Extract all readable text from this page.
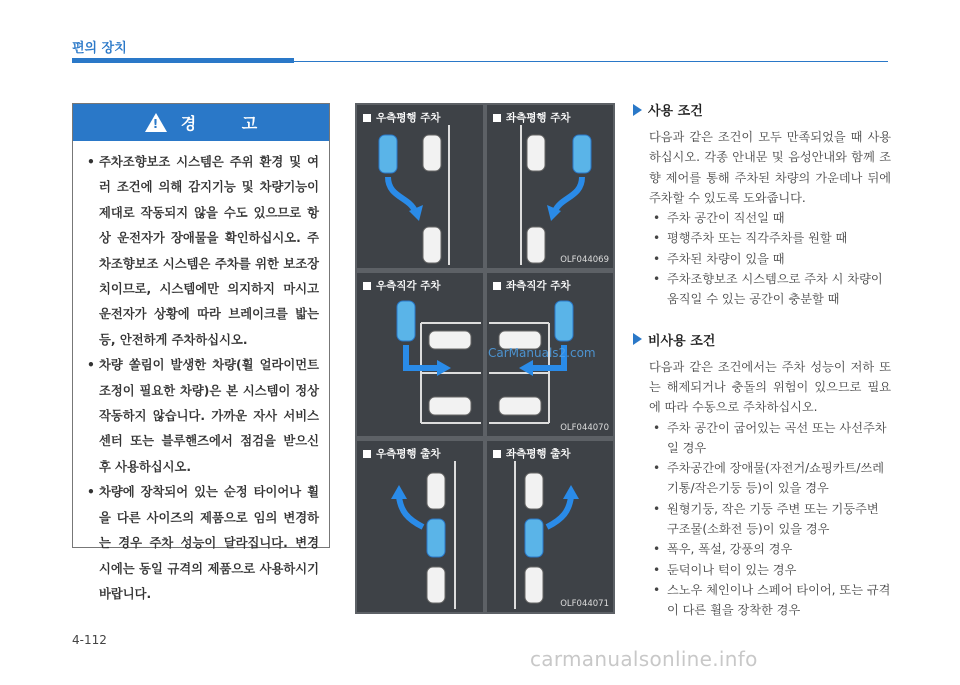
편의 장치
! 경 고
• 주차조향보조 시스템은 주위 환경 및 여러 조건에 의해 감지기능 및 차량기능이 제대로 작동되지 않을 수도 있으므로 항상 운전자가 장애물을 확인하십시오. 주차조향보조 시스템은 주차를 위한 보조장치이므로, 시스템에만 의지하지 마시고 운전자가 상황에 따라 브레이크를 밟는 등, 안전하게 주차하십시오.
• 차량 쏠림이 발생한 차량(휠 얼라이먼트 조정이 필요한 차량)은 본 시스템이 정상 작동하지 않습니다. 가까운 자사 서비스센터 또는 블루핸즈에서 점검을 받으신 후 사용하십시오.
• 차량에 장착되어 있는 순정 타이어나 휠을 다른 사이즈의 제품으로 임의 변경하는 경우 주차 성능이 달라집니다. 변경 시에는 동일 규격의 제품으로 사용하시기 바랍니다.
우측평행 주차	좌측평행 주차
OLF044069
우측직각 주차	좌측직각 주차
OLF044070
우측평행 출차	좌측평행 출차
OLF044071
CarManuals2.com
사용 조건

다음과 같은 조건이 모두 만족되었을 때 사용하십시오. 각종 안내문 및 음성안내와 함께 조향 제어를 통해 주차된 차량의 가운데나 뒤에 주차할 수 있도록 도와줍니다.

• 주차 공간이 직선일 때
• 평행주차 또는 직각주차를 원할 때
• 주차된 차량이 있을 때
• 주차조향보조 시스템으로 주차 시 차량이 움직일 수 있는 공간이 충분할 때
비사용 조건

다음과 같은 조건에서는 주차 성능이 저하 또는 해제되거나 충돌의 위험이 있으므로 필요에 따라 수동으로 주차하십시오.

• 주차 공간이 굽어있는 곡선 또는 사선주차일 경우
• 주차공간에 장애물(자전거/쇼핑카트/쓰레기통/작은기둥 등)이 있을 경우
• 원형기둥, 작은 기둥 주변 또는 기둥주변 구조물(소화전 등)이 있을 경우
• 폭우, 폭설, 강풍의 경우
• 둔덕이나 턱이 있는 경우
• 스노우 체인이나 스페어 타이어, 또는 규격이 다른 휠을 장착한 경우
4-112
carmanualsonline.info
